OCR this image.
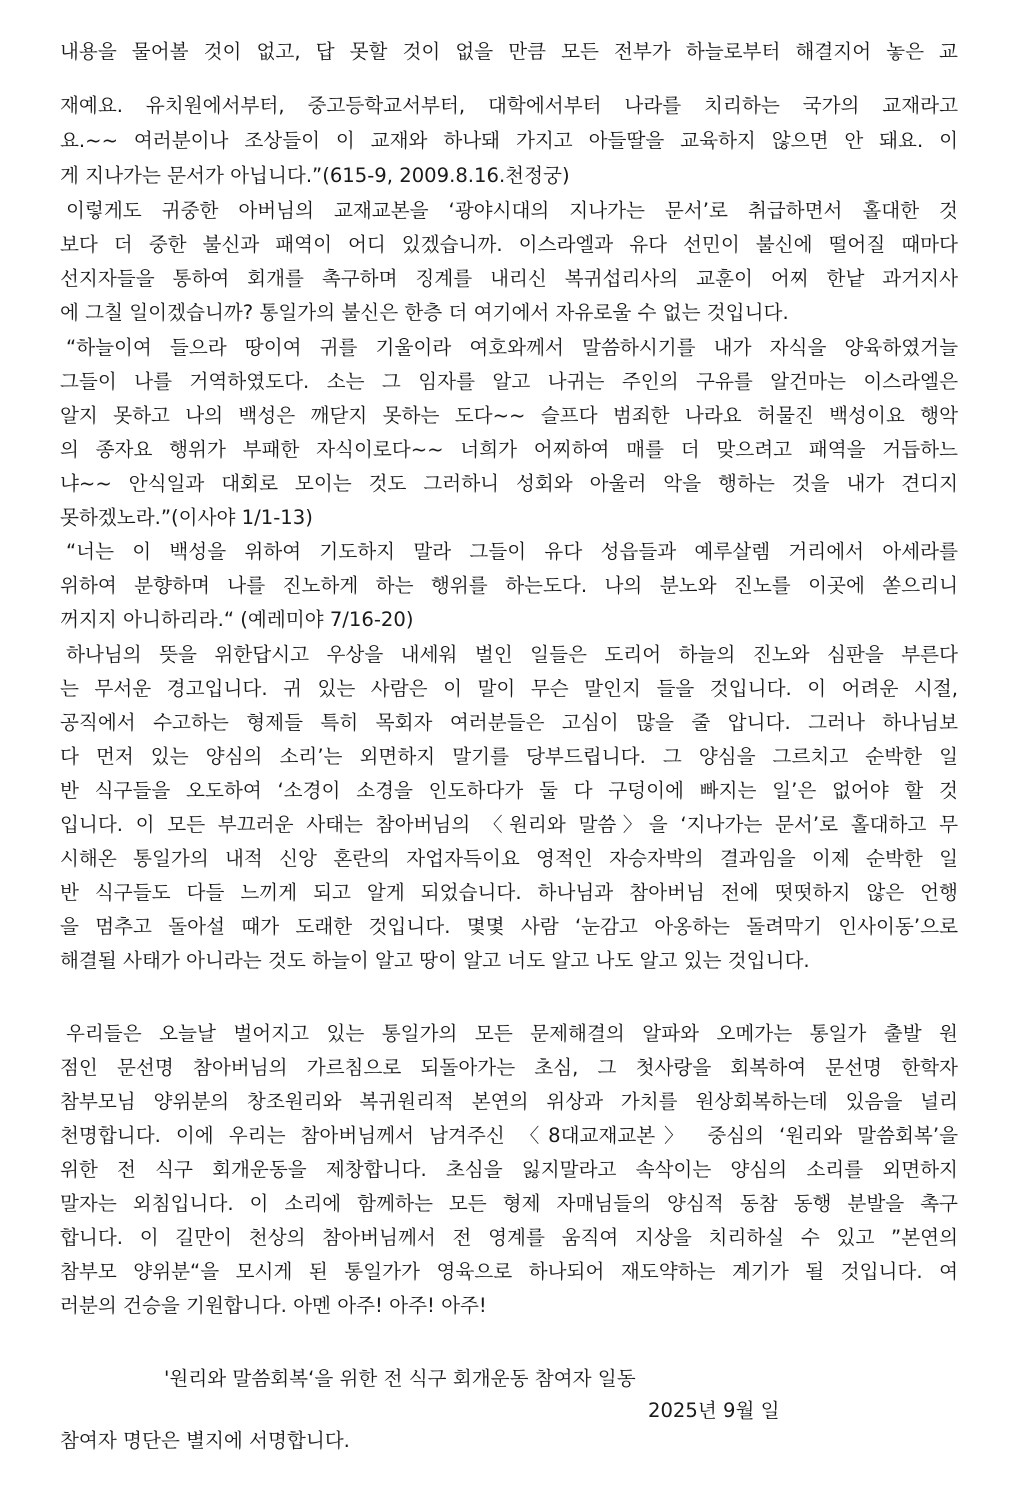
내용을 물어볼 것이 없고, 답 못할 것이 없을 만큼 모든 전부가 하늘로부터 해결지어 놓은 교
재예요. 유치원에서부터, 중고등학교서부터, 대학에서부터 나라를 치리하는 국가의 교재라고
요.~~ 여러분이나 조상들이 이 교재와 하나돼 가지고 아들딸을 교육하지 않으면 안 돼요. 이
게 지나가는 문서가 아닙니다.”(615-9, 2009.8.16.천정궁)
이렇게도 귀중한 아버님의 교재교본을 ‘광야시대의 지나가는 문서’로 취급하면서 홀대한 것
보다 더 중한 불신과 패역이 어디 있겠습니까. 이스라엘과 유다 선민이 불신에 떨어질 때마다
선지자들을 통하여 회개를 촉구하며 징계를 내리신 복귀섭리사의 교훈이 어찌 한낱 과거지사
에 그칠 일이겠습니까? 통일가의 불신은 한층 더 여기에서 자유로울 수 없는 것입니다.
“하늘이여 들으라 땅이여 귀를 기울이라 여호와께서 말씀하시기를 내가 자식을 양육하였거늘
그들이 나를 거역하였도다. 소는 그 임자를 알고 나귀는 주인의 구유를 알건마는 이스라엘은
알지 못하고 나의 백성은 깨닫지 못하는 도다~~ 슬프다 범죄한 나라요 허물진 백성이요 행악
의 종자요 행위가 부패한 자식이로다~~ 너희가 어찌하여 매를 더 맞으려고 패역을 거듭하느
냐~~ 안식일과 대회로 모이는 것도 그러하니 성회와 아울러 악을 행하는 것을 내가 견디지
못하겠노라.”(이사야 1/1-13)
“너는 이 백성을 위하여 기도하지 말라 그들이 유다 성읍들과 예루살렘 거리에서 아세라를
위하여 분향하며 나를 진노하게 하는 행위를 하는도다. 나의 분노와 진노를 이곳에 쏟으리니
꺼지지 아니하리라.“ (예레미야 7/16-20)
하나님의 뜻을 위한답시고 우상을 내세워 벌인 일들은 도리어 하늘의 진노와 심판을 부른다
는 무서운 경고입니다. 귀 있는 사람은 이 말이 무슨 말인지 들을 것입니다. 이 어려운 시절,
공직에서 수고하는 형제들 특히 목회자 여러분들은 고심이 많을 줄 압니다. 그러나 하나님보
다 먼저 있는 양심의 소리’는 외면하지 말기를 당부드립니다. 그 양심을 그르치고 순박한 일
반 식구들을 오도하여 ‘소경이 소경을 인도하다가 둘 다 구덩이에 빠지는 일’은 없어야 할 것
입니다. 이 모든 부끄러운 사태는 참아버님의 〈원리와 말씀〉을 ‘지나가는 문서’로 홀대하고 무
시해온 통일가의 내적 신앙 혼란의 자업자득이요 영적인 자승자박의 결과임을 이제 순박한 일
반 식구들도 다들 느끼게 되고 알게 되었습니다. 하나님과 참아버님 전에 떳떳하지 않은 언행
을 멈추고 돌아설 때가 도래한 것입니다. 몇몇 사람 ‘눈감고 아옹하는 돌려막기 인사이동’으로
해결될 사태가 아니라는 것도 하늘이 알고 땅이 알고 너도 알고 나도 알고 있는 것입니다.
우리들은 오늘날 벌어지고 있는 통일가의 모든 문제해결의 알파와 오메가는 통일가 출발 원
점인 문선명 참아버님의 가르침으로 되돌아가는 초심, 그 첫사랑을 회복하여 문선명 한학자
참부모님 양위분의 창조원리와 복귀원리적 본연의 위상과 가치를 원상회복하는데 있음을 널리
천명합니다. 이에 우리는 참아버님께서 남겨주신 〈8대교재교본〉 중심의 ‘원리와 말씀회복’을
위한 전 식구 회개운동을 제창합니다. 초심을 잃지말라고 속삭이는 양심의 소리를 외면하지
말자는 외침입니다. 이 소리에 함께하는 모든 형제 자매님들의 양심적 동참 동행 분발을 촉구
합니다. 이 길만이 천상의 참아버님께서 전 영계를 움직여 지상을 치리하실 수 있고 ”본연의
참부모 양위분“을 모시게 된 통일가가 영육으로 하나되어 재도약하는 계기가 될 것입니다. 여
러분의 건승을 기원합니다. 아멘 아주! 아주! 아주!
'원리와 말씀회복‘을 위한 전 식구 회개운동 참여자 일동
2025년 9월 일
참여자 명단은 별지에 서명합니다.
